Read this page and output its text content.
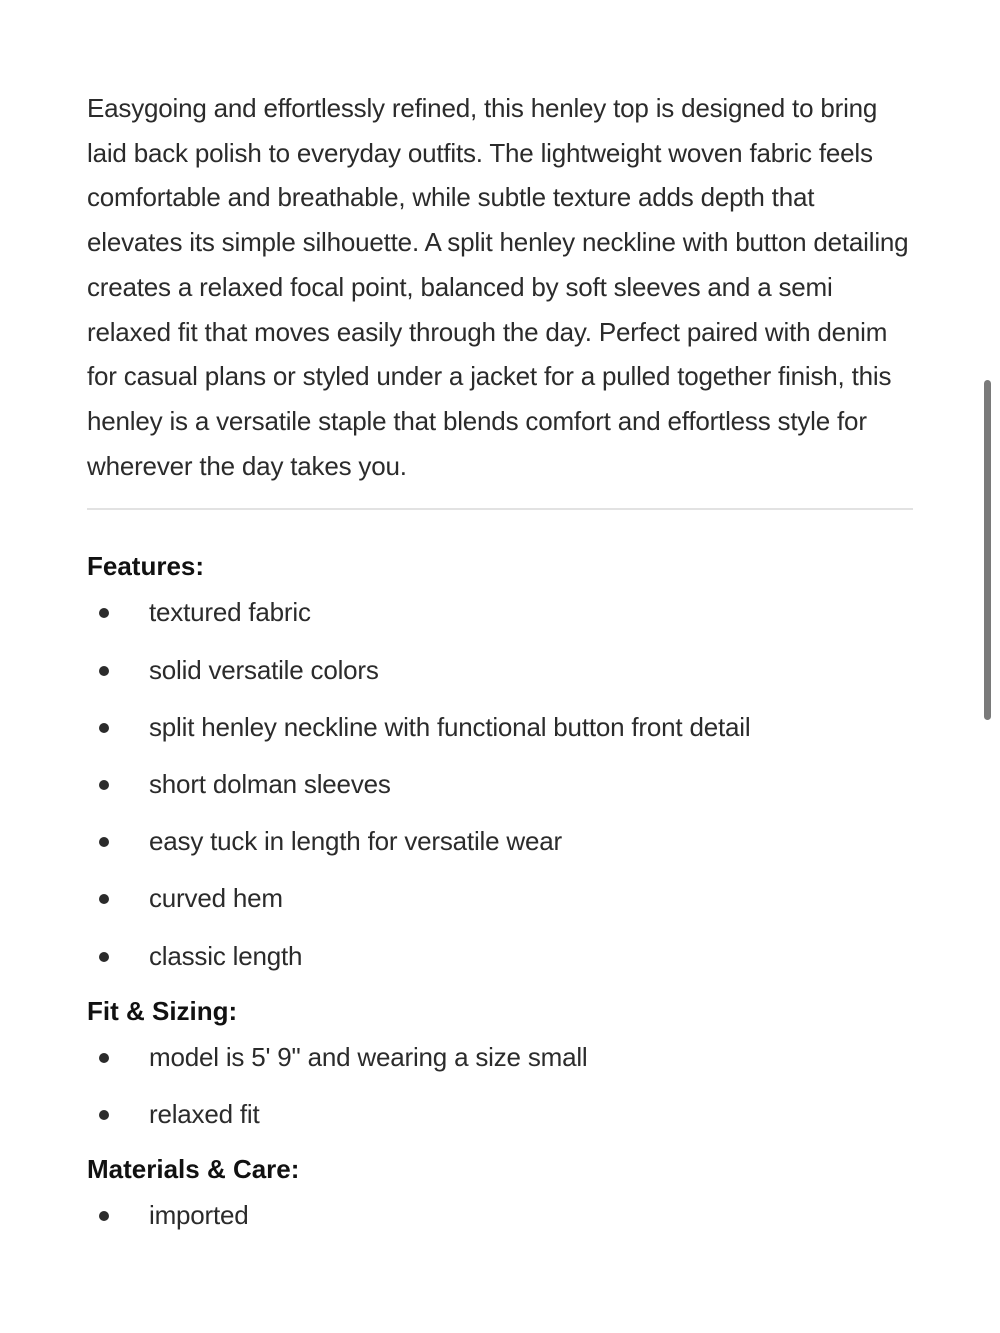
Easygoing and effortlessly refined, this henley top is designed to bring laid back polish to everyday outfits. The lightweight woven fabric feels comfortable and breathable, while subtle texture adds depth that elevates its simple silhouette. A split henley neckline with button detailing creates a relaxed focal point, balanced by soft sleeves and a semi relaxed fit that moves easily through the day. Perfect paired with denim for casual plans or styled under a jacket for a pulled together finish, this henley is a versatile staple that blends comfort and effortless style for wherever the day takes you.

Features:
textured fabric
solid versatile colors
split henley neckline with functional button front detail
short dolman sleeves
easy tuck in length for versatile wear
curved hem
classic length
Fit & Sizing:
model is 5' 9" and wearing a size small
relaxed fit
Materials & Care:
imported
